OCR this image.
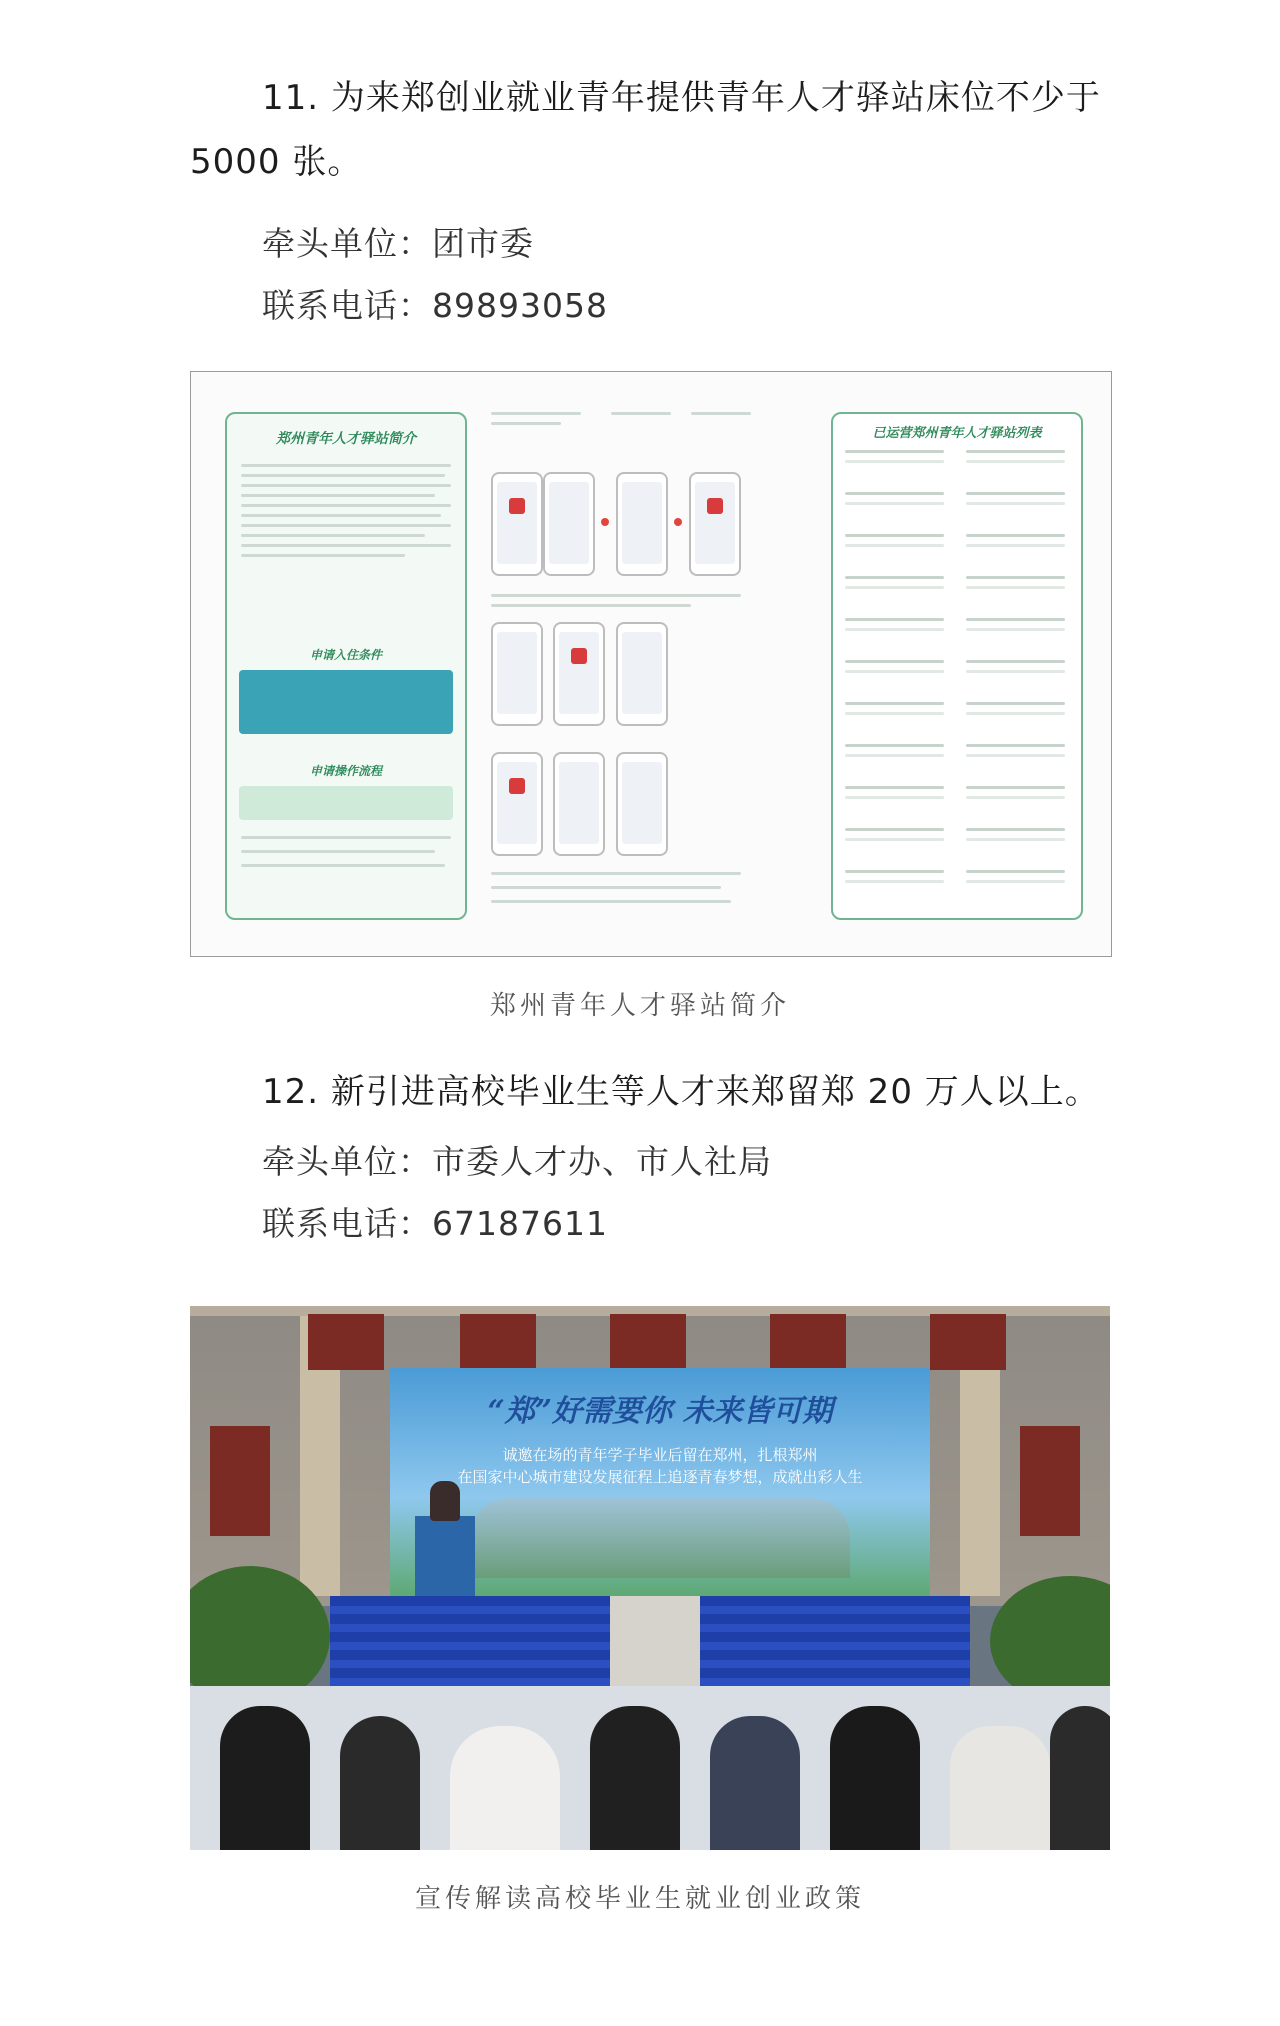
11. 为来郑创业就业青年提供青年人才驿站床位不少于
5000 张。
牵头单位：团市委
联系电话：89893058
郑州青年人才驿站简介
申请入住条件
申请操作流程
已运营郑州青年人才驿站列表
郑州青年人才驿站简介
12. 新引进高校毕业生等人才来郑留郑 20 万人以上。
牵头单位：市委人才办、市人社局
联系电话：67187611
“郑”好需要你 未来皆可期
诚邀在场的青年学子毕业后留在郑州，扎根郑州
在国家中心城市建设发展征程上追逐青春梦想，成就出彩人生
宣传解读高校毕业生就业创业政策
